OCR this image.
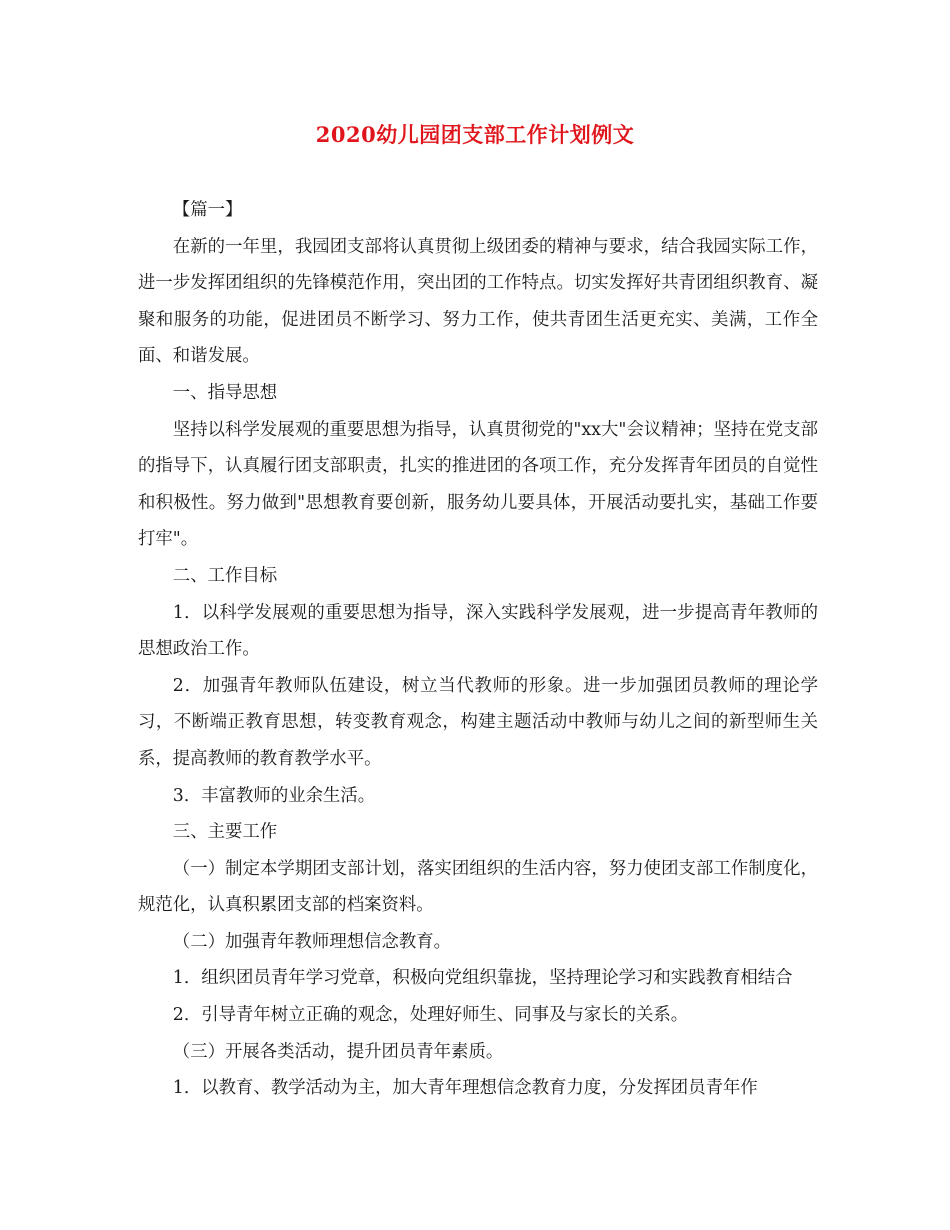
2020幼儿园团支部工作计划例文

【篇一】

在新的一年里，我园团支部将认真贯彻上级团委的精神与要求，结合我园实际工作，进一步发挥团组织的先锋模范作用，突出团的工作特点。切实发挥好共青团组织教育、凝聚和服务的功能，促进团员不断学习、努力工作，使共青团生活更充实、美满，工作全面、和谐发展。

一、指导思想

坚持以科学发展观的重要思想为指导，认真贯彻党的"xx大"会议精神；坚持在党支部的指导下，认真履行团支部职责，扎实的推进团的各项工作，充分发挥青年团员的自觉性和积极性。努力做到"思想教育要创新，服务幼儿要具体，开展活动要扎实，基础工作要打牢"。

二、工作目标

1．以科学发展观的重要思想为指导，深入实践科学发展观，进一步提高青年教师的思想政治工作。

2．加强青年教师队伍建设，树立当代教师的形象。进一步加强团员教师的理论学习，不断端正教育思想，转变教育观念，构建主题活动中教师与幼儿之间的新型师生关系，提高教师的教育教学水平。

3．丰富教师的业余生活。

三、主要工作

（一）制定本学期团支部计划，落实团组织的生活内容，努力使团支部工作制度化，规范化，认真积累团支部的档案资料。

（二）加强青年教师理想信念教育。

1．组织团员青年学习党章，积极向党组织靠拢，坚持理论学习和实践教育相结合

2．引导青年树立正确的观念，处理好师生、同事及与家长的关系。

（三）开展各类活动，提升团员青年素质。

1．以教育、教学活动为主，加大青年理想信念教育力度，分发挥团员青年作
